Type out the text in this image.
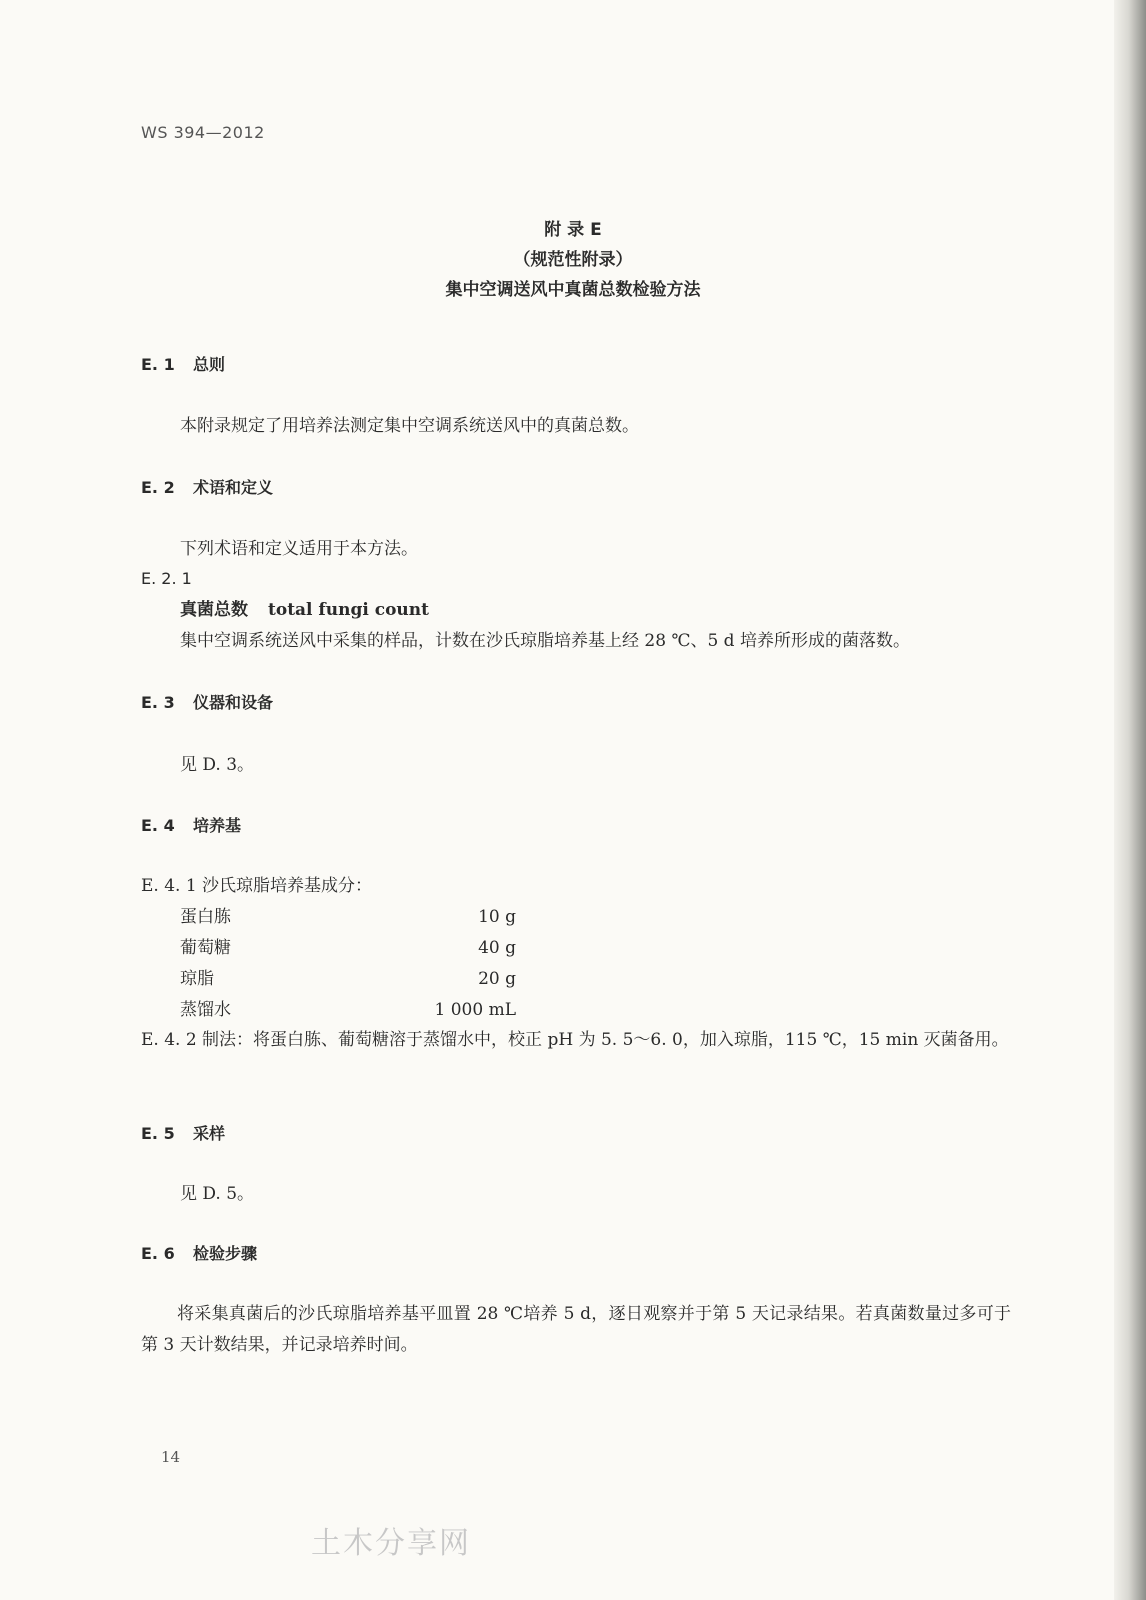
WS 394—2012
附 录 E
（规范性附录）
集中空调送风中真菌总数检验方法
E. 1 总则
本附录规定了用培养法测定集中空调系统送风中的真菌总数。
E. 2 术语和定义
下列术语和定义适用于本方法。
E. 2. 1
真菌总数 total fungi count
集中空调系统送风中采集的样品，计数在沙氏琼脂培养基上经 28 ℃、5 d 培养所形成的菌落数。
E. 3 仪器和设备
见 D. 3。
E. 4 培养基
E. 4. 1 沙氏琼脂培养基成分：
蛋白胨	10 g
葡萄糖	40 g
琼脂	20 g
蒸馏水	1 000 mL
E. 4. 2 制法：将蛋白胨、葡萄糖溶于蒸馏水中，校正 pH 为 5. 5～6. 0，加入琼脂，115 ℃，15 min 灭菌备用。
E. 5 采样
见 D. 5。
E. 6 检验步骤
将采集真菌后的沙氏琼脂培养基平皿置 28 ℃培养 5 d，逐日观察并于第 5 天记录结果。若真菌数量过多可于第 3 天计数结果，并记录培养时间。
14
土木分享网
